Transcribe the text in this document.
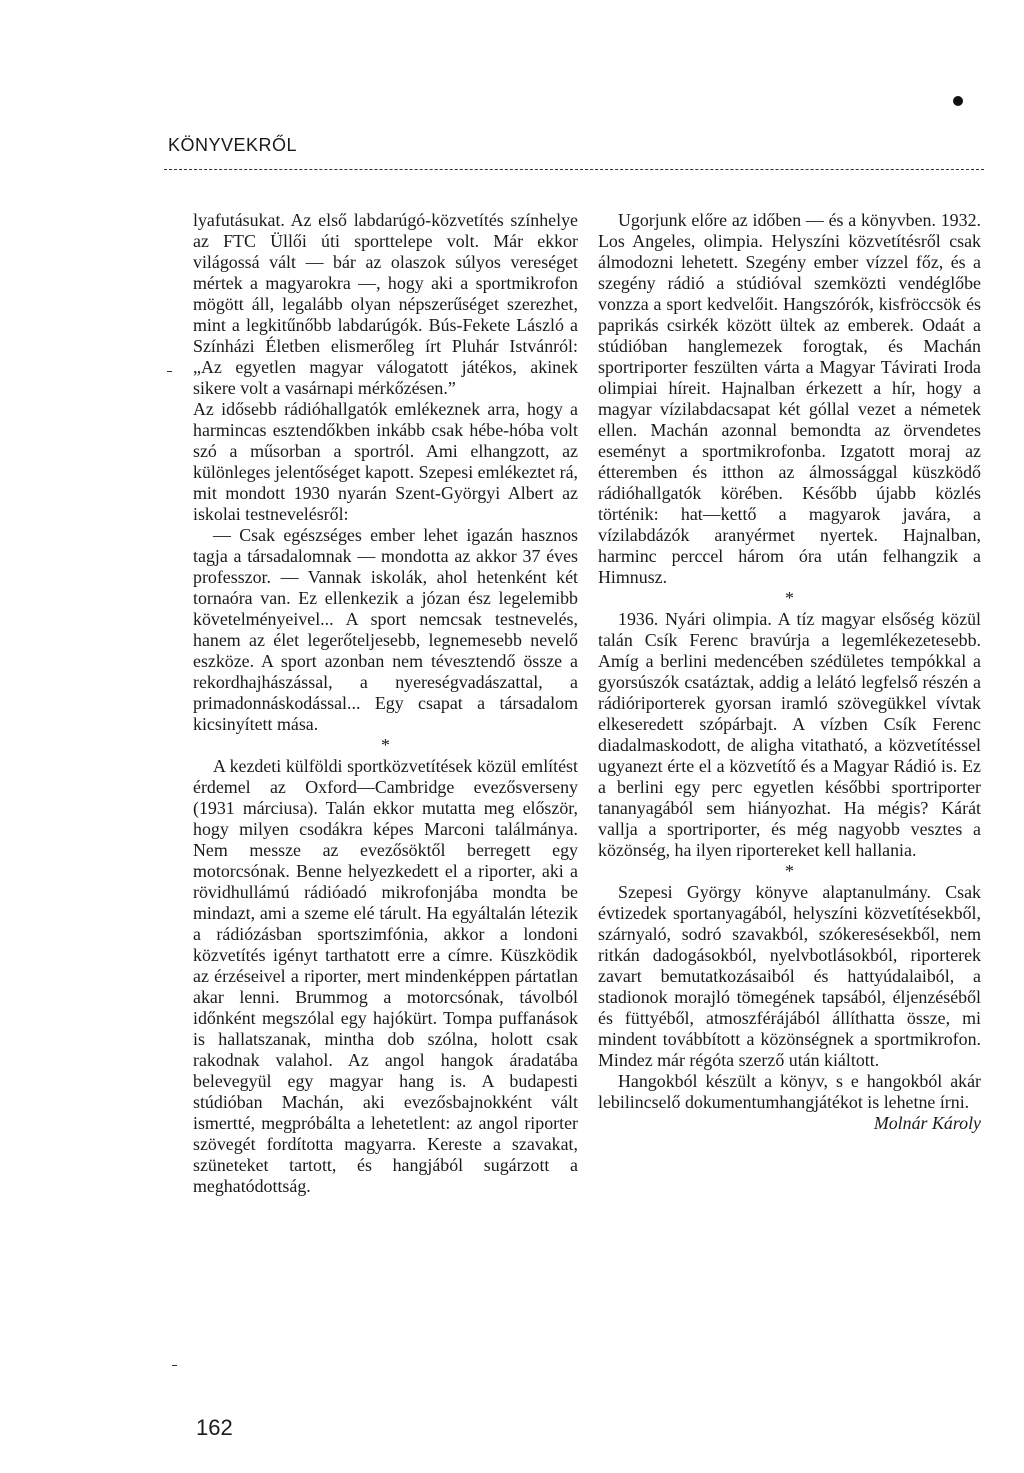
KÖNYVEKRŐL

lyafutásukat. Az első labdarúgó-közvetítés színhelye az FTC Üllői úti sporttelepe volt. Már ekkor világossá vált — bár az olaszok súlyos vereséget mértek a magyarokra —, hogy aki a sportmikrofon mögött áll, legalább olyan népszerűséget szerezhet, mint a legkitűnőbb labdarúgók. Bús-Fekete László a Színházi Életben elismerőleg írt Pluhár Istvánról: „Az egyetlen magyar válogatott játékos, akinek sikere volt a vasárnapi mérkőzésen.”

Az idősebb rádióhallgatók emlékeznek arra, hogy a harmincas esztendőkben inkább csak hébe-hóba volt szó a műsorban a sportról. Ami elhangzott, az különleges jelentőséget kapott. Szepesi emlékeztet rá, mit mondott 1930 nyarán Szent-Györgyi Albert az iskolai testnevelésről:

— Csak egészséges ember lehet igazán hasznos tagja a társadalomnak — mondotta az akkor 37 éves professzor. — Vannak iskolák, ahol hetenként két tornaóra van. Ez ellenkezik a józan ész legelemibb követelményeivel... A sport nemcsak testnevelés, hanem az élet legerőteljesebb, legnemesebb nevelő eszköze. A sport azonban nem tévesztendő össze a rekordhajhászással, a nyereségvadászattal, a primadonnáskodással... Egy csapat a társadalom kicsinyített mása.

*

A kezdeti külföldi sportközvetítések közül említést érdemel az Oxford—Cambridge evezősverseny (1931 márciusa). Talán ekkor mutatta meg először, hogy milyen csodákra képes Marconi találmánya. Nem messze az evezősöktől berregett egy motorcsónak. Benne helyezkedett el a riporter, aki a rövidhullámú rádióadó mikrofonjába mondta be mindazt, ami a szeme elé tárult. Ha egyáltalán létezik a rádiózásban sportszimfónia, akkor a londoni közvetítés igényt tarthatott erre a címre. Küszködik az érzéseivel a riporter, mert mindenképpen pártatlan akar lenni. Brummog a motorcsónak, távolból időnként megszólal egy hajókürt. Tompa puffanások is hallatszanak, mintha dob szólna, holott csak rakodnak valahol. Az angol hangok áradatába belevegyül egy magyar hang is. A budapesti stúdióban Machán, aki evezősbajnokként vált ismertté, megpróbálta a lehetetlent: az angol riporter szövegét fordította magyarra. Kereste a szavakat, szüneteket tartott, és hangjából sugárzott a meghatódottság.

Ugorjunk előre az időben — és a könyvben. 1932. Los Angeles, olimpia. Helyszíni közvetítésről csak álmodozni lehetett. Szegény ember vízzel főz, és a szegény rádió a stúdióval szemközti vendéglőbe vonzza a sport kedvelőit. Hangszórók, kisfröccsök és paprikás csirkék között ültek az emberek. Odaát a stúdióban hanglemezek forogtak, és Machán sportriporter feszülten várta a Magyar Távirati Iroda olimpiai híreit. Hajnalban érkezett a hír, hogy a magyar vízilabdacsapat két góllal vezet a németek ellen. Machán azonnal bemondta az örvendetes eseményt a sportmikrofonba. Izgatott moraj az étteremben és itthon az álmossággal küszködő rádióhallgatók körében. Később újabb közlés történik: hat—kettő a magyarok javára, a vízilabdázók aranyérmet nyertek. Hajnalban, harminc perccel három óra után felhangzik a Himnusz.

*

1936. Nyári olimpia. A tíz magyar elsőség közül talán Csík Ferenc bravúrja a legemlékezetesebb. Amíg a berlini medencében szédületes tempókkal a gyorsúszók csatáztak, addig a lelátó legfelső részén a rádióriporterek gyorsan iramló szövegükkel vívtak elkeseredett szópárbajt. A vízben Csík Ferenc diadalmaskodott, de aligha vitatható, a közvetítéssel ugyanezt érte el a közvetítő és a Magyar Rádió is. Ez a berlini egy perc egyetlen későbbi sportriporter tananyagából sem hiányozhat. Ha mégis? Kárát vallja a sportriporter, és még nagyobb vesztes a közönség, ha ilyen riportereket kell hallania.

*

Szepesi György könyve alaptanulmány. Csak évtizedek sportanyagából, helyszíni közvetítésekből, szárnyaló, sodró szavakból, szókeresésekből, nem ritkán dadogásokból, nyelvbotlásokból, riporterek zavart bemutatkozásaiból és hattyúdalaiból, a stadionok morajló tömegének tapsából, éljenzéséből és füttyéből, atmoszférájából állíthatta össze, mi mindent továbbított a közönségnek a sportmikrofon. Mindez már régóta szerző után kiáltott.

Hangokból készült a könyv, s e hangokból akár lebilincselő dokumentumhangjátékot is lehetne írni.

Molnár Károly

162
